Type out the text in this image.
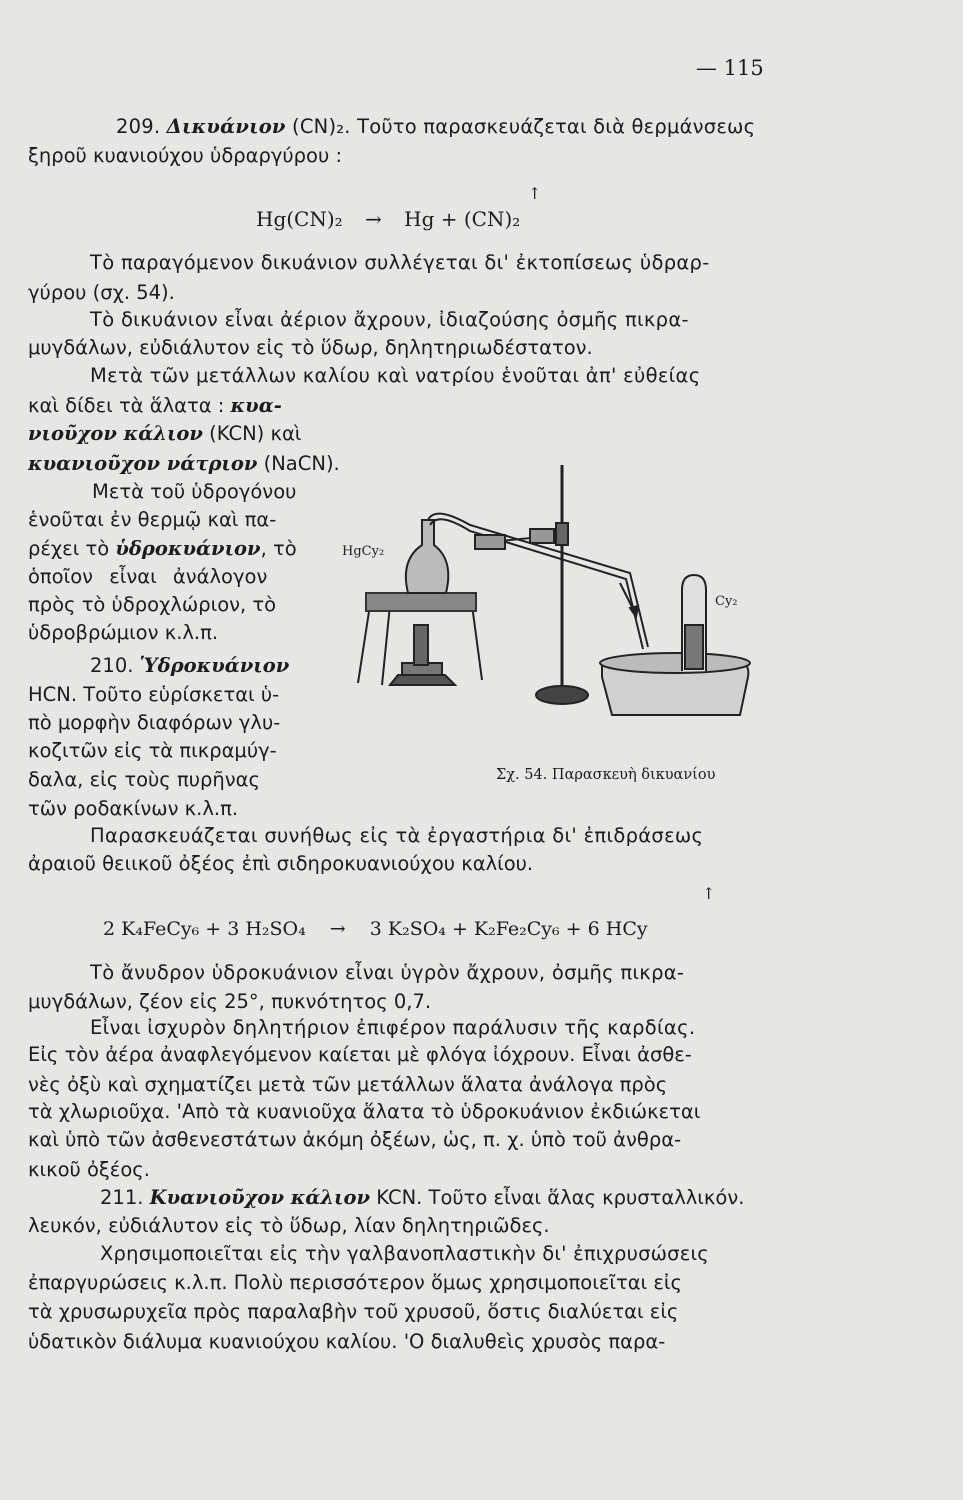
— 115
209. Δικυάνιον (CN)₂. Τοῦτο παρασκευάζεται διὰ θερμάνσεως
ξηροῦ κυανιούχου ὑδραργύρου :
Hg(CN)₂ → Hg + (CN)₂
↑
Τὸ παραγόμενον δικυάνιον συλλέγεται δι' ἐκτοπίσεως ὑδραρ-
γύρου (σχ. 54).
Τὸ δικυάνιον εἶναι ἀέριον ἄχρουν, ἰδιαζούσης ὀσμῆς πικρα-
μυγδάλων, εὐδιάλυτον εἰς τὸ ὕδωρ, δηλητηριωδέστατον.
Μετὰ τῶν μετάλλων καλίου καὶ νατρίου ἑνοῦται ἀπ' εὐθείας
καὶ δίδει τὰ ἅλατα : κυα-
νιοῦχον κάλιον (KCN) καὶ
κυανιοῦχον νάτριον (NaCN).
Μετὰ τοῦ ὑδρογόνου
ἑνοῦται ἐν θερμῷ καὶ πα-
ρέχει τὸ ὑδροκυάνιον, τὸ
ὁποῖον εἶναι ἀνάλογον
πρὸς τὸ ὑδροχλώριον, τὸ
ὑδροβρώμιον κ.λ.π.
210. Ὑδροκυάνιον
HCN. Τοῦτο εὑρίσκεται ὑ-
πὸ μορφὴν διαφόρων γλυ-
κοζιτῶν εἰς τὰ πικραμύγ-
δαλα, εἰς τοὺς πυρῆνας
τῶν ροδακίνων κ.λ.π.
Παρασκευάζεται συνήθως εἰς τὰ ἐργαστήρια δι' ἐπιδράσεως
ἀραιοῦ θειικοῦ ὀξέος ἐπὶ σιδηροκυανιούχου καλίου.
2 K₄FeCy₆ + 3 H₂SO₄ → 3 K₂SO₄ + K₂Fe₂Cy₆ + 6 HCy
↑
Τὸ ἄνυδρον ὑδροκυάνιον εἶναι ὑγρὸν ἄχρουν, ὀσμῆς πικρα-
μυγδάλων, ζέον εἰς 25°, πυκνότητος 0,7.
Εἶναι ἰσχυρὸν δηλητήριον ἐπιφέρον παράλυσιν τῆς καρδίας.
Εἰς τὸν ἀέρα ἀναφλεγόμενον καίεται μὲ φλόγα ἰόχρουν. Εἶναι ἀσθε-
νὲς ὀξὺ καὶ σχηματίζει μετὰ τῶν μετάλλων ἅλατα ἀνάλογα πρὸς
τὰ χλωριοῦχα. 'Απὸ τὰ κυανιοῦχα ἅλατα τὸ ὑδροκυάνιον ἐκδιώκεται
καὶ ὑπὸ τῶν ἀσθενεστάτων ἀκόμη ὀξέων, ὡς, π. χ. ὑπὸ τοῦ ἀνθρα-
κικοῦ ὀξέος.
211. Κυανιοῦχον κάλιον KCN. Τοῦτο εἶναι ἅλας κρυσταλλικόν.
λευκόν, εὐδιάλυτον εἰς τὸ ὕδωρ, λίαν δηλητηριῶδες.
Χρησιμοποιεῖται εἰς τὴν γαλβανοπλαστικὴν δι' ἐπιχρυσώσεις
ἐπαργυρώσεις κ.λ.π. Πολὺ περισσότερον ὅμως χρησιμοποιεῖται εἰς
τὰ χρυσωρυχεῖα πρὸς παραλαβὴν τοῦ χρυσοῦ, ὅστις διαλύεται εἰς
ὑδατικὸν διάλυμα κυανιούχου καλίου. 'Ο διαλυθεὶς χρυσὸς παρα-
HgCy₂
Cy₂
Σχ. 54. Παρασκευὴ δικυανίου
